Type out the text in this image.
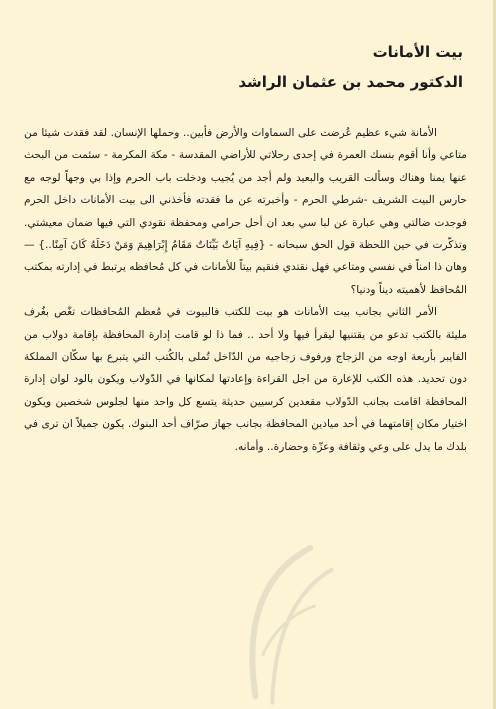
بيت الأمانات
الدكتور محمد بن عثمان الراشد

الأمانة شيء عظيم عُرضت على السماوات والأرض فأبين.. وحملها الإنسان. لقد فقدت شيئا من متاعي وأنا أقوم بنسك العمرة في إحدى رحلاتي للأراضي المقدسة - مكة المكرمة - سئمت من البحث عنها يمنا وهناك وسألت القريب والبعيد ولم أجد من يُجيب ودخلت باب الحرم وإذا بي وجهاً لوجه مع حارس البيت الشريف -شرطي الحرم - وأخبرته عن ما فقدته فأخذني الى بيت الأمانات داخل الحرم فوجدت ضالتي وهي عبارة عن لبا سي بعد ان أحل حرامي ومحفظة نقودي التي فيها ضمان معيشتي. وتذكّرت في حين اللحظة قول الحق سبحانه - {فِيهِ آيَاتٌ بَيِّنَاتٌ مَقَامُ إِبْرَاهِيمَ وَمَنْ دَخَلَهُ كَانَ آمِنًا..} — وهان ذا امناً في نفسي ومتاعي فهل نقتدي فنقيم بيتاً للأمانات في كل مُحافظه يرتبط في إدارته بمكتب المُحافظ لأهميته ديناً ودنيا؟

الأمر الثاني بجانب بيت الأمانات هو بيت للكتب فالبيوت في مُعظم المُحافظات تغّص بغُرف مليئة بالكتب تدعو من يقتنيها ليقرأ فيها ولا أحد .. فما ذا لو قامت إدارة المحافظة بإقامة دولاب من الفايبر بأربعة اوجه من الزجاج ورفوف زجاجيه من الدّاخل تُملى بالكُتب التي يتبرع بها سكّان المملكة دون تحديد. هذه الكتب للإعارة من اجل القراءة وإعادتها لمكانها في الدّولاب ويكون بالود لوان إدارة المحافظة اقامت بجانب الدّولاب مقعدين كرسيين حديثة يتسع كل واحد منها لجلوس شخصين ويكون اختيار مكان إقامتهما في أحد ميادين المحافظة بجانب جهاز صرّاف أحد البنوك. يكون جميلاً ان ترى في بلدك ما يدل على وعي وثقافة وعزّة وحضارة.. وأمانه.
